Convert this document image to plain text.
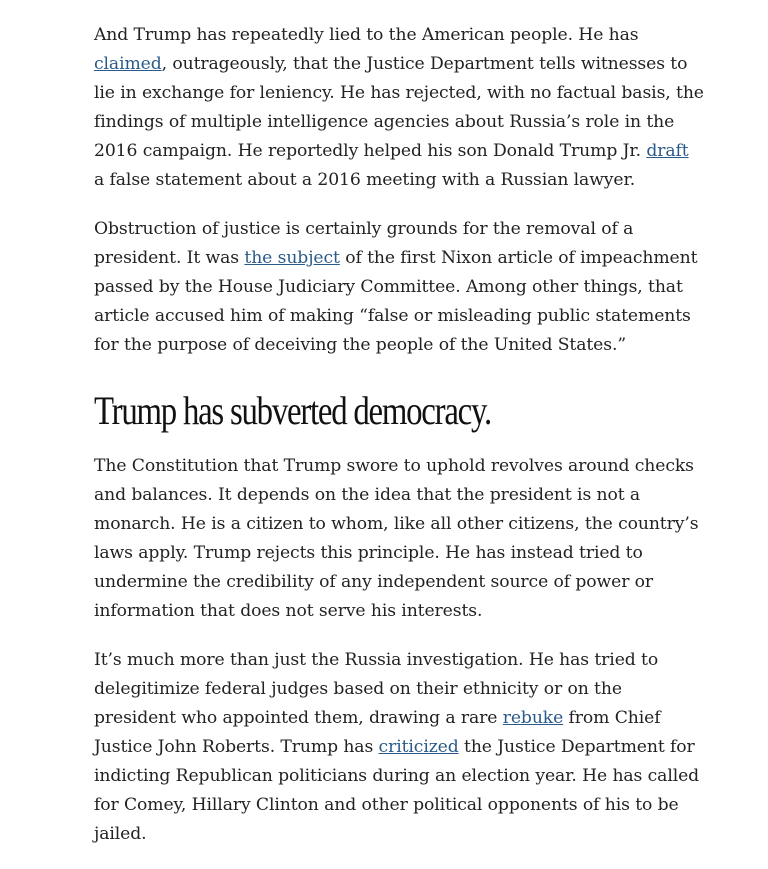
And Trump has repeatedly lied to the American people. He has claimed, outrageously, that the Justice Department tells witnesses to lie in exchange for leniency. He has rejected, with no factual basis, the findings of multiple intelligence agencies about Russia’s role in the 2016 campaign. He reportedly helped his son Donald Trump Jr. draft a false statement about a 2016 meeting with a Russian lawyer.

Obstruction of justice is certainly grounds for the removal of a president. It was the subject of the first Nixon article of impeachment passed by the House Judiciary Committee. Among other things, that article accused him of making “false or misleading public statements for the purpose of deceiving the people of the United States.”

Trump has subverted democracy.

The Constitution that Trump swore to uphold revolves around checks and balances. It depends on the idea that the president is not a monarch. He is a citizen to whom, like all other citizens, the country’s laws apply. Trump rejects this principle. He has instead tried to undermine the credibility of any independent source of power or information that does not serve his interests.

It’s much more than just the Russia investigation. He has tried to delegitimize federal judges based on their ethnicity or on the president who appointed them, drawing a rare rebuke from Chief Justice John Roberts. Trump has criticized the Justice Department for indicting Republican politicians during an election year. He has called for Comey, Hillary Clinton and other political opponents of his to be jailed.
